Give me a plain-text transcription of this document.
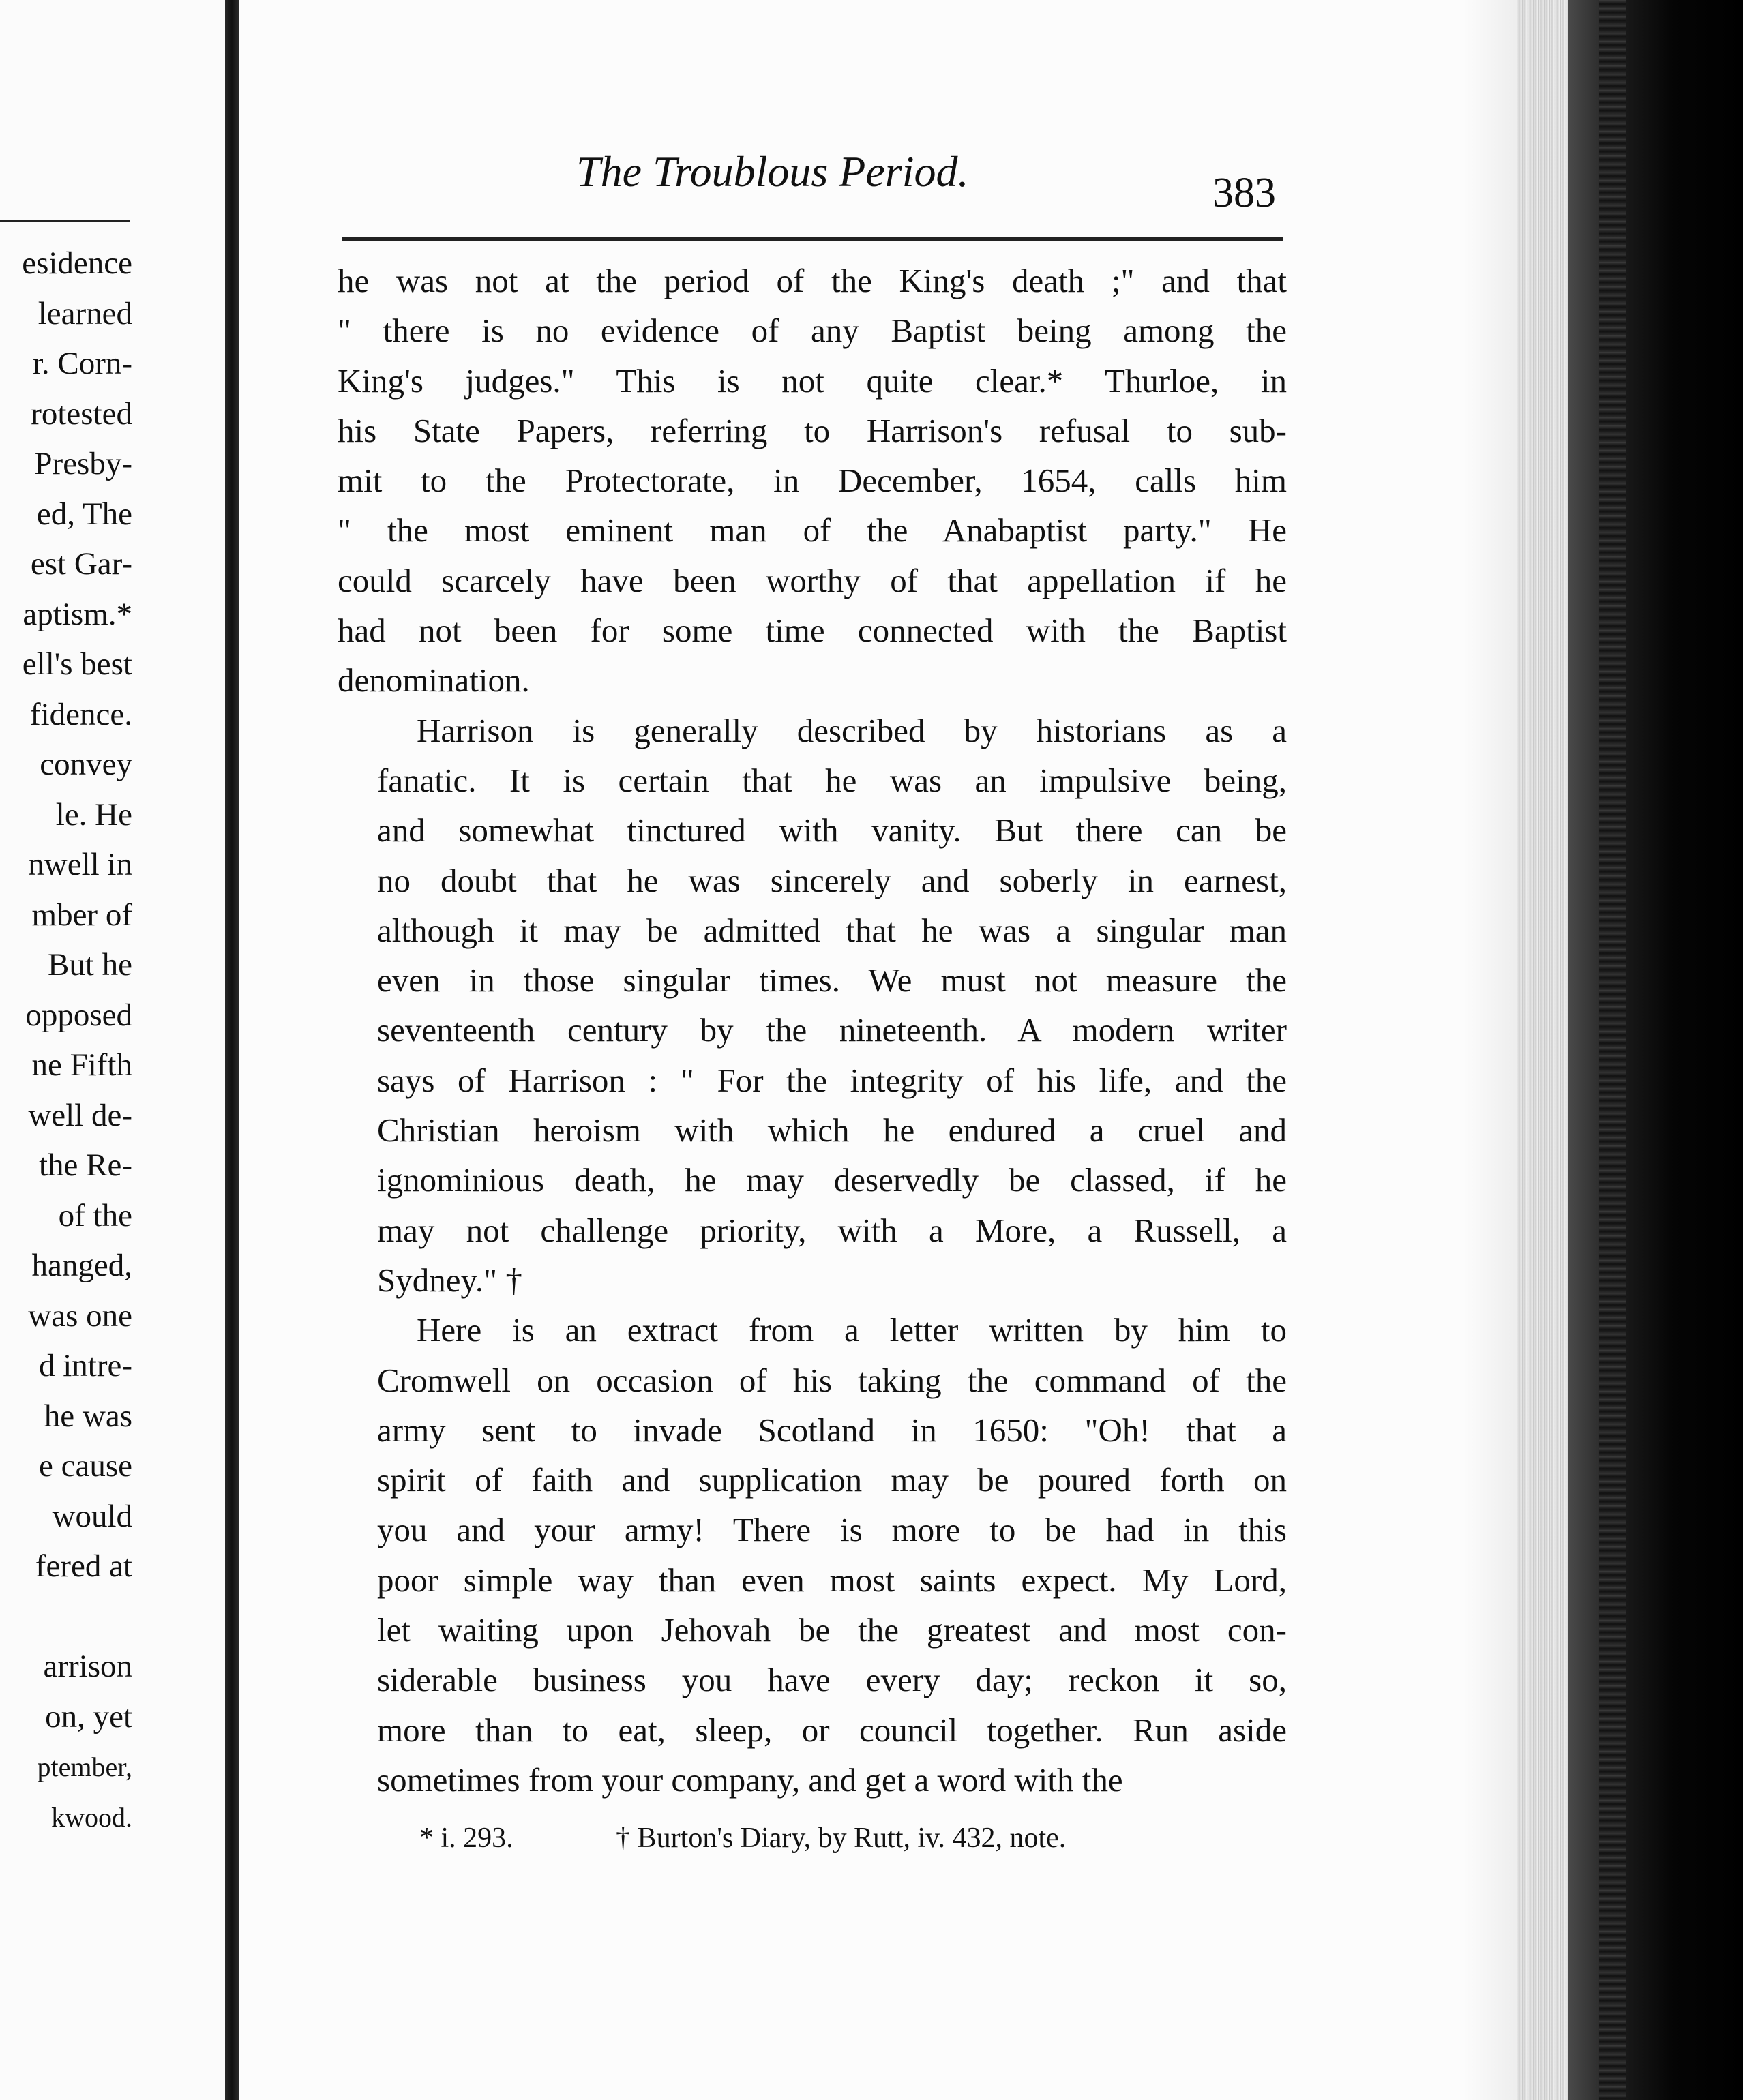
esidence
learned
r. Corn-
rotested
Presby-
ed, The
est Gar-
aptism.*
ell's best
fidence.
convey
le. He
nwell in
mber of
But he
opposed
ne Fifth
well de-
the Re-
of the
hanged,
was one
d intre-
he was
e cause
would
fered at

arrison
on, yet
ptember,
kwood.
The Troublous Period.	383
he was not at the period of the King's death ;" and that
" there is no evidence of any Baptist being among the
King's judges." This is not quite clear.* Thurloe, in
his State Papers, referring to Harrison's refusal to sub-
mit to the Protectorate, in December, 1654, calls him
" the most eminent man of the Anabaptist party." He
could scarcely have been worthy of that appellation if he
had not been for some time connected with the Baptist
denomination.
Harrison is generally described by historians as a
fanatic. It is certain that he was an impulsive being,
and somewhat tinctured with vanity. But there can be
no doubt that he was sincerely and soberly in earnest,
although it may be admitted that he was a singular man
even in those singular times. We must not measure the
seventeenth century by the nineteenth. A modern writer
says of Harrison : " For the integrity of his life, and the
Christian heroism with which he endured a cruel and
ignominious death, he may deservedly be classed, if he
may not challenge priority, with a More, a Russell, a
Sydney." †
Here is an extract from a letter written by him to
Cromwell on occasion of his taking the command of the
army sent to invade Scotland in 1650: "Oh! that a
spirit of faith and supplication may be poured forth on
you and your army! There is more to be had in this
poor simple way than even most saints expect. My Lord,
let waiting upon Jehovah be the greatest and most con-
siderable business you have every day; reckon it so,
more than to eat, sleep, or council together. Run aside
sometimes from your company, and get a word with the
* i. 293.	† Burton's Diary, by Rutt, iv. 432, note.
